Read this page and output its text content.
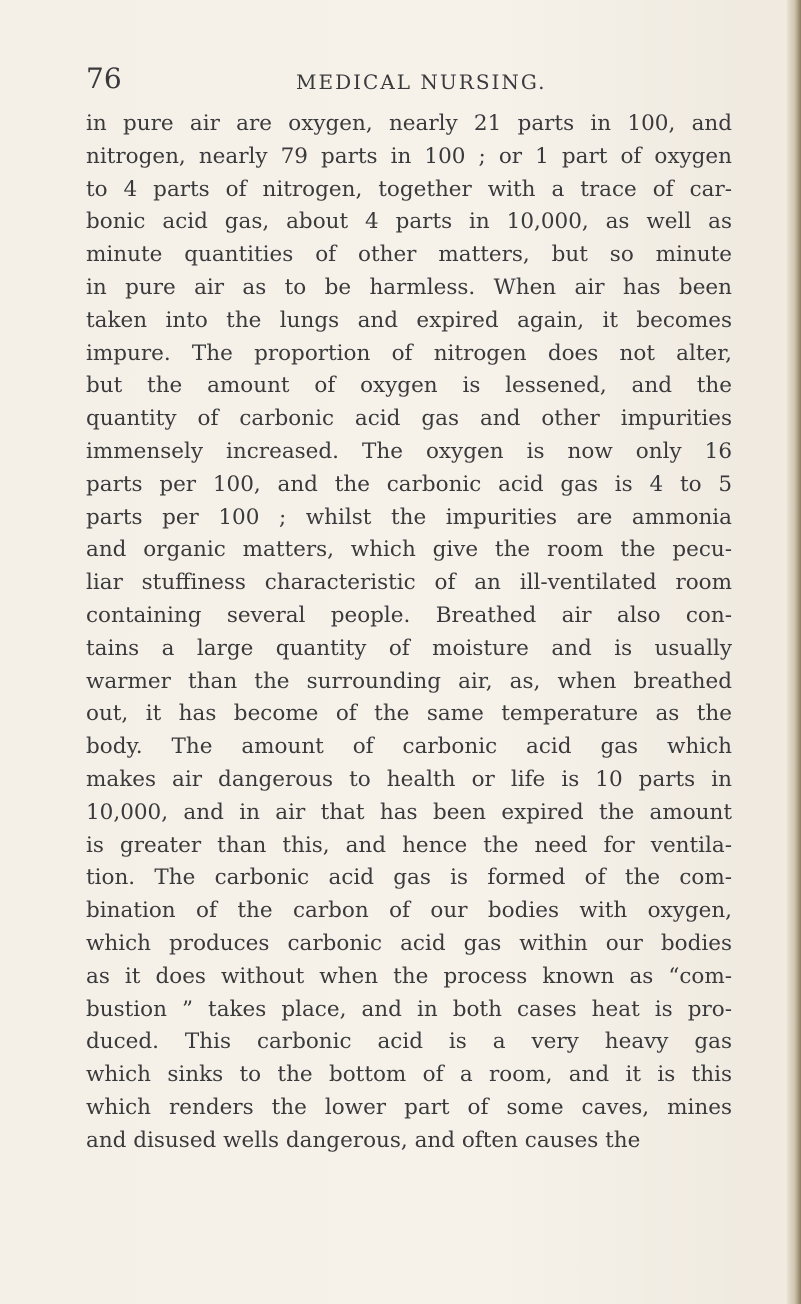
76	MEDICAL NURSING.
in pure air are oxygen, nearly 21 parts in 100, and
nitrogen, nearly 79 parts in 100 ; or 1 part of oxygen
to 4 parts of nitrogen, together with a trace of car-
bonic acid gas, about 4 parts in 10,000, as well as
minute quantities of other matters, but so minute
in pure air as to be harmless. When air has been
taken into the lungs and expired again, it becomes
impure. The proportion of nitrogen does not alter,
but the amount of oxygen is lessened, and the
quantity of carbonic acid gas and other impurities
immensely increased. The oxygen is now only 16
parts per 100, and the carbonic acid gas is 4 to 5
parts per 100 ; whilst the impurities are ammonia
and organic matters, which give the room the pecu-
liar stuffiness characteristic of an ill-ventilated room
containing several people. Breathed air also con-
tains a large quantity of moisture and is usually
warmer than the surrounding air, as, when breathed
out, it has become of the same temperature as the
body. The amount of carbonic acid gas which
makes air dangerous to health or life is 10 parts in
10,000, and in air that has been expired the amount
is greater than this, and hence the need for ventila-
tion. The carbonic acid gas is formed of the com-
bination of the carbon of our bodies with oxygen,
which produces carbonic acid gas within our bodies
as it does without when the process known as “com-
bustion ” takes place, and in both cases heat is pro-
duced. This carbonic acid is a very heavy gas
which sinks to the bottom of a room, and it is this
which renders the lower part of some caves, mines
and disused wells dangerous, and often causes the
